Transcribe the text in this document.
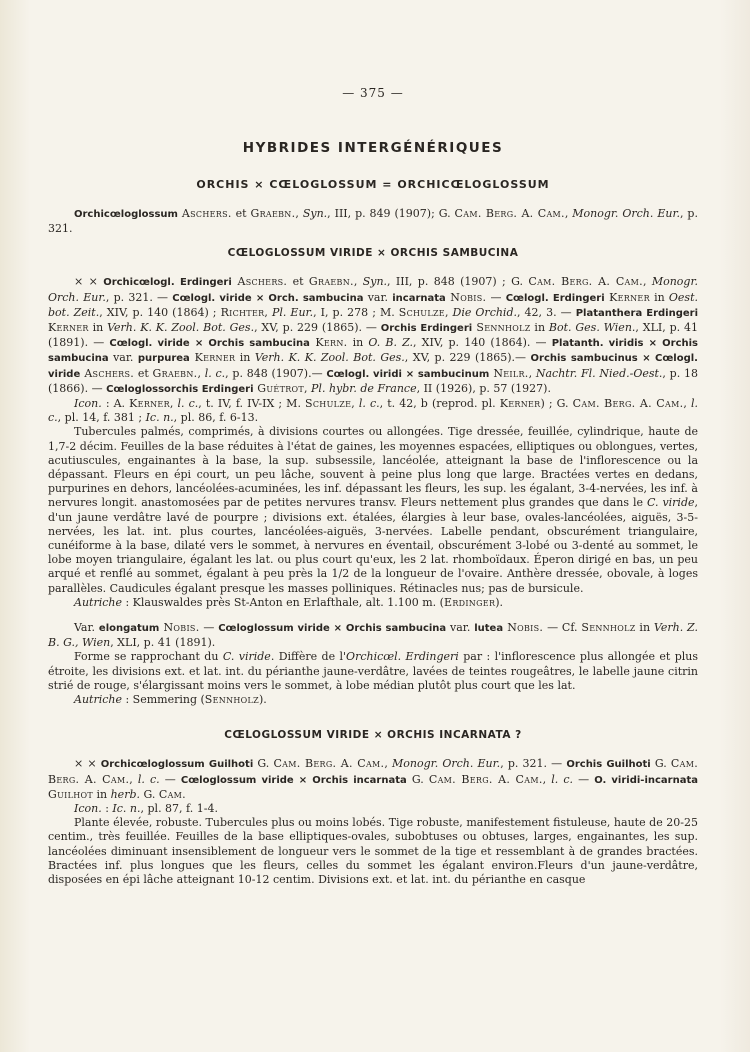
— 375 —
HYBRIDES INTERGÉNÉRIQUES
ORCHIS × CŒLOGLOSSUM = ORCHICŒLOGLOSSUM

Orchicœloglossum Aschers. et Graebn., Syn., III, p. 849 (1907); G. Cam. Berg. A. Cam., Monogr. Orch. Eur., p. 321.

CŒLOGLOSSUM VIRIDE × ORCHIS SAMBUCINA

× × Orchicœlogl. Erdingeri Aschers. et Graebn., Syn., III, p. 848 (1907) ; G. Cam. Berg. A. Cam., Monogr. Orch. Eur., p. 321. — Cœlogl. viride × Orch. sambucina var. incarnata Nobis. — Cœlogl. Erdingeri Kerner in Oest. bot. Zeit., XIV, p. 140 (1864) ; Richter, Pl. Eur., I, p. 278 ; M. Schulze, Die Orchid., 42, 3. — Platanthera Erdingeri Kerner in Verh. K. K. Zool. Bot. Ges., XV, p. 229 (1865). — Orchis Erdingeri Sennholz in Bot. Ges. Wien., XLI, p. 41 (1891). — Cœlogl. viride × Orchis sambucina Kern. in O. B. Z., XIV, p. 140 (1864). — Platanth. viridis × Orchis sambucina var. purpurea Kerner in Verh. K. K. Zool. Bot. Ges., XV, p. 229 (1865).— Orchis sambucinus × Cœlogl. viride Aschers. et Graebn., l. c., p. 848 (1907).— Cœlogl. viridi × sambucinum Neilr., Nachtr. Fl. Nied.-Oest., p. 18 (1866). — Cœloglossorchis Erdingeri Guétrot, Pl. hybr. de France, II (1926), p. 57 (1927).

Icon. : A. Kerner, l. c., t. IV, f. IV-IX ; M. Schulze, l. c., t. 42, b (reprod. pl. Kerner) ; G. Cam. Berg. A. Cam., l. c., pl. 14, f. 381 ; Ic. n., pl. 86, f. 6-13.

Tubercules palmés, comprimés, à divisions courtes ou allongées. Tige dressée, feuillée, cylindrique, haute de 1,7-2 décim. Feuilles de la base réduites à l'état de gaines, les moyennes espacées, elliptiques ou oblongues, vertes, acutiuscules, engainantes à la base, la sup. subsessile, lancéolée, atteignant la base de l'inflorescence ou la dépassant. Fleurs en épi court, un peu lâche, souvent à peine plus long que large. Bractées vertes en dedans, purpurines en dehors, lancéolées-acuminées, les inf. dépassant les fleurs, les sup. les égalant, 3-4-nervées, les inf. à nervures longit. anastomosées par de petites nervures transv. Fleurs nettement plus grandes que dans le C. viride, d'un jaune verdâtre lavé de pourpre ; divisions ext. étalées, élargies à leur base, ovales-lancéolées, aiguës, 3-5-nervées, les lat. int. plus courtes, lancéolées-aiguës, 3-nervées. Labelle pendant, obscurément triangulaire, cunéiforme à la base, dilaté vers le sommet, à nervures en éventail, obscurément 3-lobé ou 3-denté au sommet, le lobe moyen triangulaire, égalant les lat. ou plus court qu'eux, les 2 lat. rhomboïdaux. Éperon dirigé en bas, un peu arqué et renflé au sommet, égalant à peu près la 1/2 de la longueur de l'ovaire. Anthère dressée, obovale, à loges parallèles. Caudicules égalant presque les masses polliniques. Rétinacles nus; pas de bursicule.

Autriche : Klauswaldes près St-Anton en Erlafthale, alt. 1.100 m. (Erdinger).

Var. elongatum Nobis. — Cœloglossum viride × Orchis sambucina var. lutea Nobis. — Cf. Sennholz in Verh. Z. B. G., Wien, XLI, p. 41 (1891).

Forme se rapprochant du C. viride. Diffère de l'Orchicœl. Erdingeri par : l'inflorescence plus allongée et plus étroite, les divisions ext. et lat. int. du périanthe jaune-verdâtre, lavées de teintes rougeâtres, le labelle jaune citrin strié de rouge, s'élargissant moins vers le sommet, à lobe médian plutôt plus court que les lat.

Autriche : Semmering (Sennholz).

CŒLOGLOSSUM VIRIDE × ORCHIS INCARNATA ?

× × Orchicœloglossum Guilhoti G. Cam. Berg. A. Cam., Monogr. Orch. Eur., p. 321. — Orchis Guilhoti G. Cam. Berg. A. Cam., l. c. — Cœloglossum viride × Orchis incarnata G. Cam. Berg. A. Cam., l. c. — O. viridi-incarnata Guilhot in herb. G. Cam.

Icon. : Ic. n., pl. 87, f. 1-4.

Plante élevée, robuste. Tubercules plus ou moins lobés. Tige robuste, manifestement fistuleuse, haute de 20-25 centim., très feuillée. Feuilles de la base elliptiques-ovales, subobtuses ou obtuses, larges, engainantes, les sup. lancéolées diminuant insensiblement de longueur vers le sommet de la tige et ressemblant à de grandes bractées. Bractées inf. plus longues que les fleurs, celles du sommet les égalant environ.Fleurs d'un jaune-verdâtre, disposées en épi lâche atteignant 10-12 centim. Divisions ext. et lat. int. du périanthe en casque
